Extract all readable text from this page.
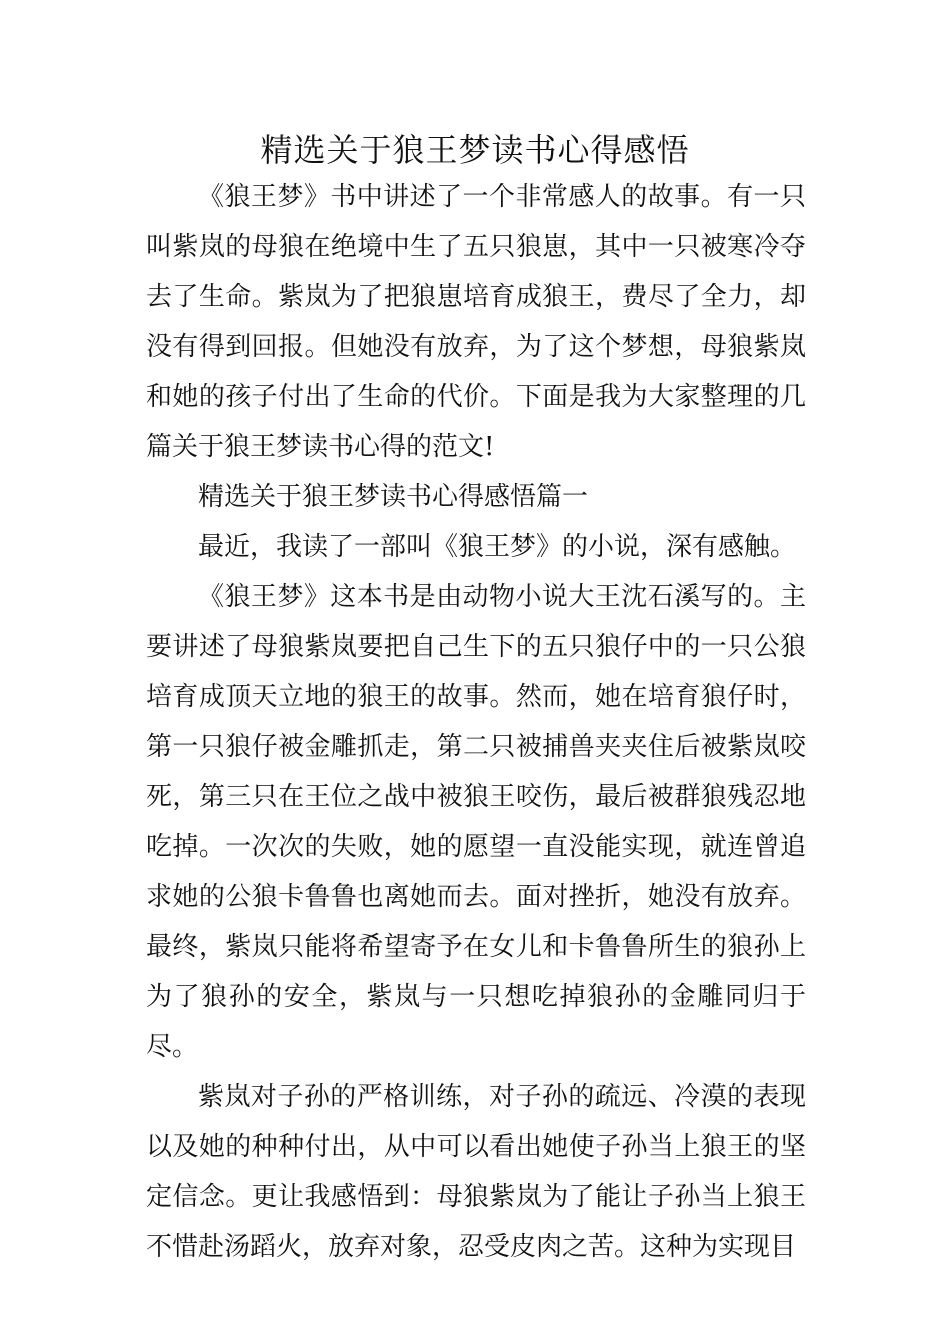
精选关于狼王梦读书心得感悟

《狼王梦》书中讲述了一个非常感人的故事。有一只叫紫岚的母狼在绝境中生了五只狼崽，其中一只被寒冷夺去了生命。紫岚为了把狼崽培育成狼王，费尽了全力，却没有得到回报。但她没有放弃，为了这个梦想，母狼紫岚和她的孩子付出了生命的代价。下面是我为大家整理的几篇关于狼王梦读书心得的范文!

精选关于狼王梦读书心得感悟篇一

最近，我读了一部叫《狼王梦》的小说，深有感触。

《狼王梦》这本书是由动物小说大王沈石溪写的。主要讲述了母狼紫岚要把自己生下的五只狼仔中的一只公狼培育成顶天立地的狼王的故事。然而，她在培育狼仔时，第一只狼仔被金雕抓走，第二只被捕兽夹夹住后被紫岚咬死，第三只在王位之战中被狼王咬伤，最后被群狼残忍地吃掉。一次次的失败，她的愿望一直没能实现，就连曾追求她的公狼卡鲁鲁也离她而去。面对挫折，她没有放弃。最终，紫岚只能将希望寄予在女儿和卡鲁鲁所生的狼孙上为了狼孙的安全，紫岚与一只想吃掉狼孙的金雕同归于尽。

紫岚对子孙的严格训练，对子孙的疏远、冷漠的表现以及她的种种付出，从中可以看出她使子孙当上狼王的坚定信念。更让我感悟到：母狼紫岚为了能让子孙当上狼王不惜赴汤蹈火，放弃对象，忍受皮肉之苦。这种为实现目
